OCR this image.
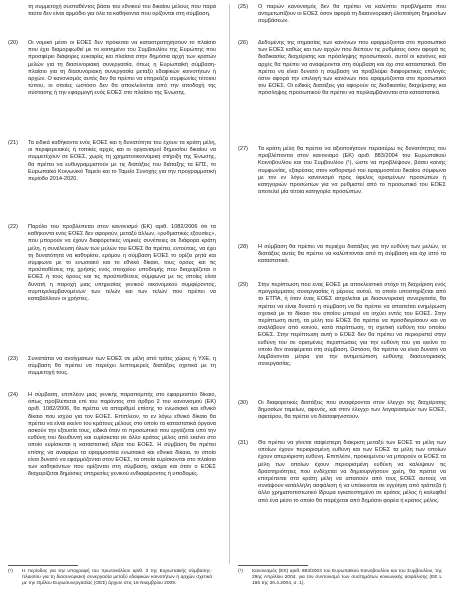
τη συμμετοχή συσταθέντος βάσει του εθνικού του δικαίου μέλους που παρά ταύτα δεν είναι αρμόδιο για όλα τα καθήκοντα που ορίζονται στη σύμβαση.
(20)	Οι νομικό μέσο οι ΕΟΕΣ δεν πρόκειται να καταστρατηγήσουν το πλαίσιο που έχει διαμορφωθεί με το κοιτημένο του Συμβουλίου της Ευρώπης που προσφέρει διάφορες ευκαιρίες και πλαίσια στην δημόσια αρχή των κρατών μελών για τη διασυνοριακή συνεργασία, όπως η Ευρωπαϊκή σύμβαση-πλαίσιο για τη διασυνοριακή συνεργασία μεταξύ εδαφικών κοινοτήτων ή αρχών. Ο κανονισμός αυτός δεν θα πρέπει να επηρεάζει συμφωνίες τέτοιου τύπου, οι οποίες ωστόσο δεν θα αποκλείονται από την αποδοχή της σύστασης ή την εφαρμογή ενός ΕΟΕΣ στο πλαίσιο της Ένωσης.
(21)	Τα ειδικά καθήκοντα ενός ΕΟΕΣ και η δυνατότητα του έχουν τα κράτη μέλη, οι περιφερειακές ή τοπικές αρχές και οι οργανισμοί δημοσίου δικαίου να συμμετέχουν σε ΕΟΕΣ, χωρίς τη χρηματοοικονομική στήριξη της Ένωσης, θα πρέπει να ευθυγραμμιστούν με τις διατάξεις του διάταξης τα ΕΠΣ, το Ευρωπαϊκό Κοινωνικό Ταμείο και το Ταμείο Συνοχής για την προγραμματική περίοδο 2014-2020.
(22)	Παρόλο του προβλέπεται στον κανονισμό (ΕΚ) αριθ. 1082/2006 ότι τα καθήκοντα ενός ΕΟΕΣ δεν αφορούν, μεταξύ άλλων, «ρυθμιστικές εξουσίες», που μπορούν να έχουν διαφορετικές νομικές συνέπειες σε διάφορα κράτη μέλη, η συνέλευση όλων των μελών του ΕΟΕΣ θα πρέπει, εντούτοις, να έχει τη δυνατότητα να καθορίσει, ερόμου η σύμβαση ΕΟΕΣ το ορίζει ρητά και σύμφωνα με το ενωσιακό και το εθνικό δίκαιο, τους όρους και τις προϋποθέσεις της χρήσης ενός στοιχείου υποδομής που διαχειρίζεται ο ΕΟΕΣ ή τους όρους και τις προϋποθέσεις σύμφωνα με τις οποίες είναι δυνατή η παροχή μιας υπηρεσίας γενικού οικονομικού συμφέροντος, συμπεριλαμβανομένων των τελών και των τελών που πρέπει να καταβάλλουν οι χρήστες.
(23)	Συνιστάται να ανοίγματων των ΕΟΕΣ σε μέλη από τρίτες χώρες ή ΥΧΕ, η σύμβαση θα πρέπει να περιέχει λεπτομερείς διατάξεις σχετικά με τη συμμετοχή τους.
(24)	Η σύμβαση, επιπλέον μιας γενικής παραπομπής στο εφαρμοστέο δίκαιο, όπως προβλέπεται επί του παρόντος στο άρθρο 2 του κανονισμού (ΕΚ) αριθ. 1082/2006, θα πρέπει να απαριθμεί επίσης το ενωσιακό και εθνικό δίκαιο που ισχύει για τον ΕΟΕΣ. Επιπλέον, το εν λόγω εθνικό δίκαιο θα πρέπει να είναι εκείνο του κράτους μέλους στο οποίο τα καταστατικά όργανα ασκούν την εξουσία τους, ειδικά όταν το προσωπικό που εργάζεται υπό την ευθύνη του διευθυντή και ευρίσκεται σε άλλο κράτος μέλος από εκείνο στο οποίο ευρίσκεται η καταστατική έδρα του ΕΟΕΣ. Η σύμβαση θα πρέπει επίσης να αναφέρει τα εφαρμοστέα ενωσιακά και εθνικά δίκαια, το οποίο είναι δυνατό να εφαρμόζονται στον ΕΟΕΣ, τα οποία ευρίσκονται στο πλαίσιο των καθηκόντων που ορίζονται στη σύμβαση, ακόμα και όταν ο ΕΟΕΣ διαχειρίζεται δημόσιες υπηρεσίες γενικού ενδιαφέροντος ή υποδομές.
(¹) Η περίοδος για την υπογραφή του πρωτοκόλλου αριθ. 3 της Ευρωπαϊκής σύμβασης-πλαισίου για τη διασυνοριακή συνεργασία μεταξύ εδαφικών κοινοτήτων ή αρχών σχετικά με την Ομίλου Ευρωσυνεργασίας (ΟΕΣ) άρχισε στις 16 Νοεμβρίου 2009.
(25)	Ο παρών κανονισμός δεν θα πρέπει να καλύπτει προβλήματα που αντιμετωπίζουν οι ΕΟΕΣ όσον αφορά τη διασυνοριακή ύλοποίηση δημοσίων συμβάσεων.
(26)	Δεδομένης της σημασίας των κανόνων που εφαρμόζονται στο προσωπικό των ΕΟΕΣ καθώς και των αρχών που διέπουν τις ρυθμίσεις όσον αφορά τις διαδικασίες διαχείρισης και πρόσληψης προσωπικού, αυτοί οι κανόνες και αρχές θα πρέπει να αναφέρονται στη σύμβαση και όχι στα καταστατικά. Θα πρέπει να είναι δυνατό η σύμβαση να προβλέψει διαφορετικές επιλογές όσον αφορά την επιλογή των κανόνων που εφαρμόζονται στο προσωπικό του ΕΟΕΣ. Οι ειδικές διατάξεις για αφορούν τις διαδικασίες διαχείρισης και πρόσληψης προσωπικού θα πρέπει να περιλαμβάνονται στα καταστατικά.
(27)	Τα κράτη μέλη θα πρέπει να αξιοποιήσουν περαιτέρω τις δυνατότητες του προβλέπονται στον κανονισμό (ΕΚ) αριθ. 883/2004 του Ευρωπαϊκού Κοινοβουλίου και του Συμβουλίου (¹), ώστε να προβλέψουν, βάσει κοινής συμφωνίας, εξαιρέσεις στον καθορισμό του εφαρμοστέου δικαίου σύμφωνα με τον εν λόγω κανονισμό προς όφελος ορισμένων προσώπων ή κατηγοριών προσώπων για να ρυθμιστεί από το προσωπικό του ΕΟΕΣ αποτελεί μία τέτοια κατηγορία προσώπων.
(28)	Η σύμβαση θα πρέπει να περιέχει διατάξεις για την ευθύνη των μελών, οι διατάξεις αυτές θα πρέπει να καλύπτονται από τη σύμβαση και όχι από τα καταστατικά.
(29)	Στην περίπτωση που ένας ΕΟΕΣ με αποκλειστικό στόχο τη διαχείριση ενός προγράμματος συνεργασίας ή μέρους αυτού, το οποίο υποστηρίζεται από το ΕΤΠΑ, ή όταν ένας ΕΟΕΣ ασχολείται με διασυνοριακή συνεργασία, θα πρέπει να είναι δυνατό η σύμβαση να θα πρέπει να απαιτείται ενημέρωση σχετικά με το δίκαιο του οποίου μπορεί να ισχύει εντός του ΕΟΕΣ. Στην περίπτωση αυτή, τα μέλη του ΕΟΕΣ θα πρέπει να προσδιορίσουν και να αναλάβουν από κοινού, κατά περίπτωση, τη σχετική ευθύνη του οποίου ΕΟΕΣ. Στην περίπτωση αυτή ο ΕΟΕΣ δεν θα πρέπει να περιοριστεί στην ευθύνη του σε ορισμένες περιπτώσεις για την ευθύνη του για εκείνο το οποίο δεν αναφέρεται στη σύμβαση. Ωστόσο, θα πρέπει να είναι δυνατό να λαμβάνονται μέτρα για την αντιμετώπιση ευθύνης διασυνοριακής συνεργασίας.
(30)	Οι διαφορετικές διατάξεις που αναφέρονται στον έλεγχο της διαχείρισης δημοσίων ταμείων, αφενός, και στον έλεγχο των λογαριασμών των ΕΟΕΣ, αφετέρου, θα πρέπει να διασαφηνιστούν.
(31)	Θα πρέπει να γίνεται σαφέστερη διάκριση μεταξύ των ΕΟΕΣ τα μέλη των οποίων έχουν περιορισμένη ευθύνη και των ΕΟΕΣ τα μέλη των οποίων έχουν απεριόριστη ευθύνη. Επιπλέον, προκειμένου να μπορούν οι ΕΟΕΣ τα μέλη των οποίων έχουν περιορισμένη ευθύνη να καλύψουν τις δραστηριότητες που ενδέχεται να δημιουργήσουν χρέη, θα πρέπει να επιτρέπεται στα κράτη μέλη να απαιτούν από τους ΕΟΕΣ αυτούς να συνάψουν κατάλληλη ασφάλιση ή να υπόκεινται σε εγγύηση από τράπεζα ή άλλο χρηματοπιστωτικό ίδρυμα εγκατεστημένο σε κράτος μέλος ή καλυφθεί από ένα μέσο το οποίο θα παρέχεται από δημόσιο φορέα ή κράτος μέλος.
(¹) Κανονισμός (ΕΚ) αριθ. 883/2004 του Ευρωπαϊκού Κοινοβουλίου και του Συμβουλίου, της 29ης Απριλίου 2004, για τον συντονισμό των συστημάτων κοινωνικής ασφάλισης (ΕΕ L 166 της 30.4.2004, σ. 1).
